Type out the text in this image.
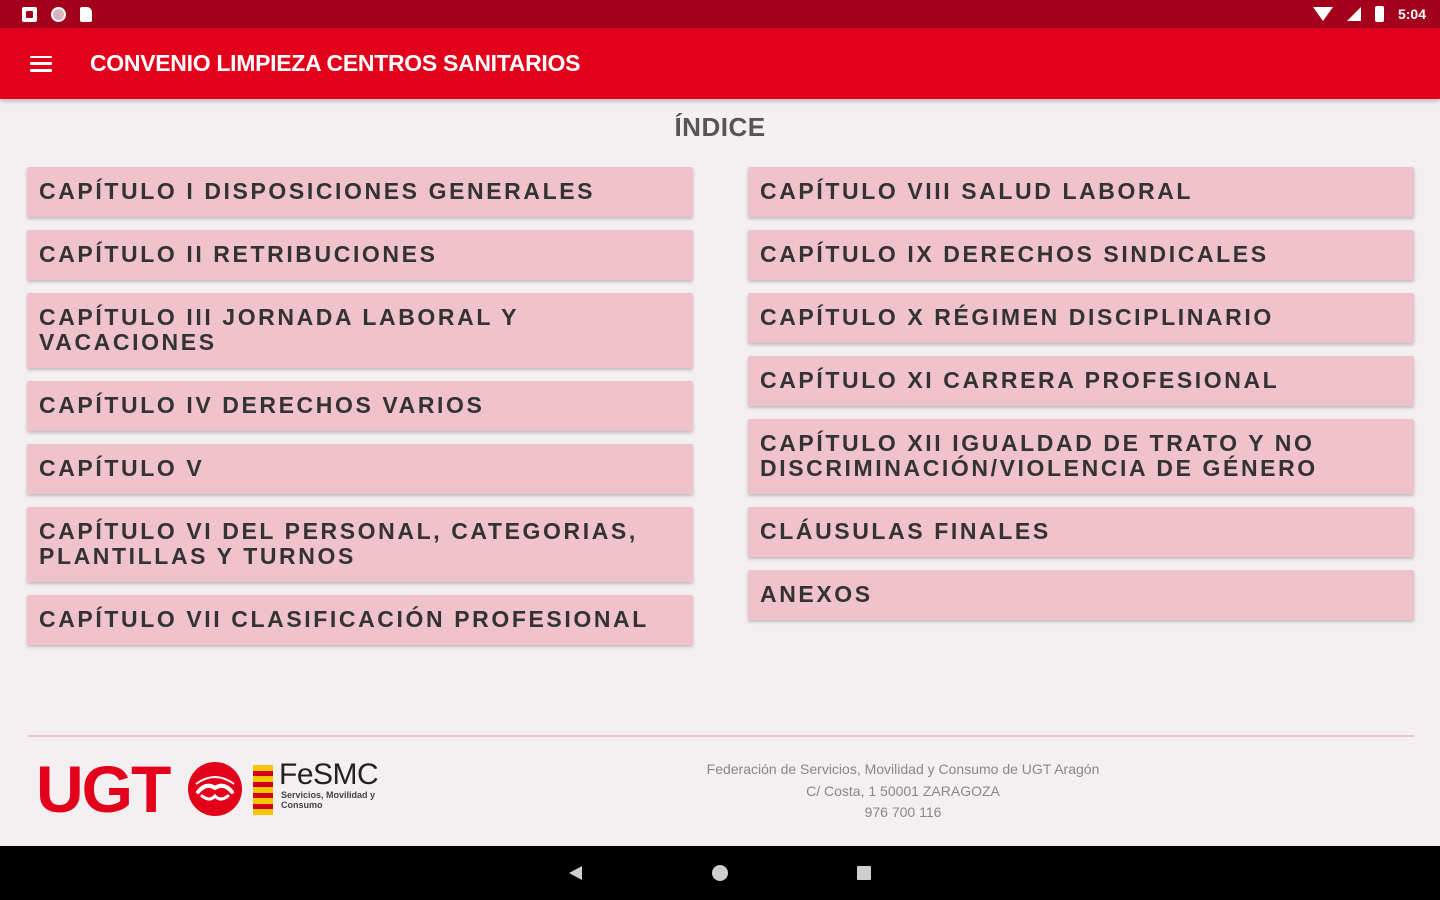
5:04
CONVENIO LIMPIEZA CENTROS SANITARIOS
ÍNDICE
CAPÍTULO I DISPOSICIONES GENERALES
CAPÍTULO II RETRIBUCIONES
CAPÍTULO III JORNADA LABORAL Y VACACIONES
CAPÍTULO IV DERECHOS VARIOS
CAPÍTULO V
CAPÍTULO VI DEL PERSONAL, CATEGORIAS, PLANTILLAS Y TURNOS
CAPÍTULO VII CLASIFICACIÓN PROFESIONAL
CAPÍTULO VIII SALUD LABORAL
CAPÍTULO IX DERECHOS SINDICALES
CAPÍTULO X RÉGIMEN DISCIPLINARIO
CAPÍTULO XI CARRERA PROFESIONAL
CAPÍTULO XII IGUALDAD DE TRATO Y NO DISCRIMINACIÓN/VIOLENCIA DE GÉNERO
CLÁUSULAS FINALES
ANEXOS
UGT	FeSMC
Servicios, Movilidad y Consumo
Federación de Servicios, Movilidad y Consumo de UGT Aragón
C/ Costa, 1 50001 ZARAGOZA
976 700 116
